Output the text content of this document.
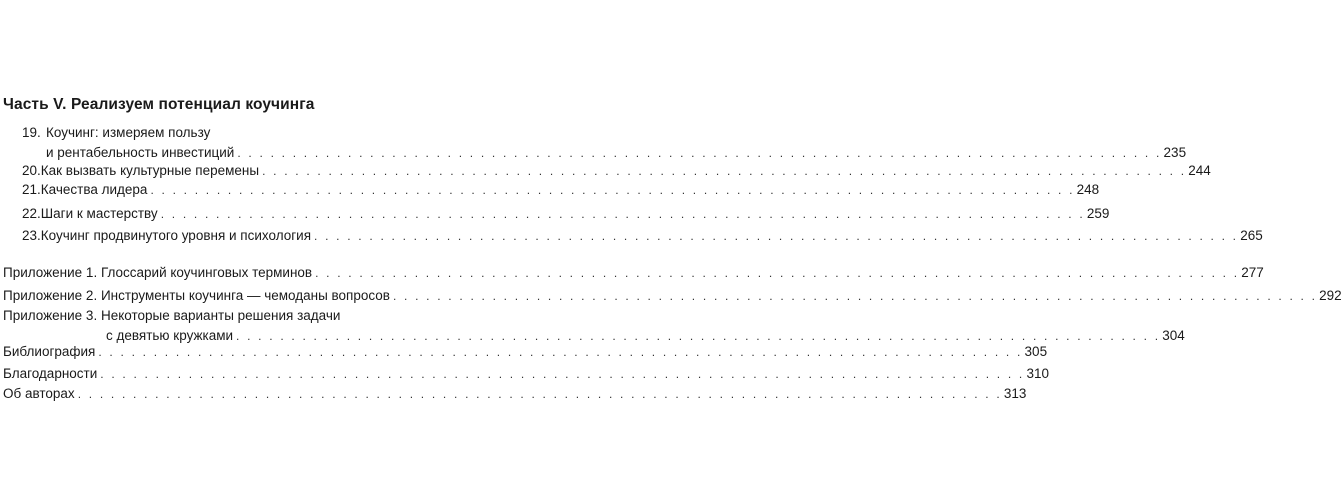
Часть V. Реализуем потенциал коучинга
19. Коучинг: измеряем пользу
и рентабельность инвестиций . . . . . . . . . . . . . . . . . . . . . . . . . . . . . . . . . . . . . . . . . . . . . . . . . . . . . . . . . . . . . . . . . . . . . . . . . . . . . . . . . . . . 235
20. Как вызвать культурные перемены . . . . . . . . . . . . . . . . . . . . . . . . . . . . . . . . . . . . . . . . . . . . . . . . . . . . . . . . . . . . . . . . . . . . . . . . . . . . . . . . . . . . 244
21. Качества лидера . . . . . . . . . . . . . . . . . . . . . . . . . . . . . . . . . . . . . . . . . . . . . . . . . . . . . . . . . . . . . . . . . . . . . . . . . . . . . . . . . . . . 248
22. Шаги к мастерству . . . . . . . . . . . . . . . . . . . . . . . . . . . . . . . . . . . . . . . . . . . . . . . . . . . . . . . . . . . . . . . . . . . . . . . . . . . . . . . . . . . . 259
23. Коучинг продвинутого уровня и психология . . . . . . . . . . . . . . . . . . . . . . . . . . . . . . . . . . . . . . . . . . . . . . . . . . . . . . . . . . . . . . . . . . . . . . . . . . . . . . . . . . . . 265
Приложение 1. Глоссарий коучинговых терминов . . . . . . . . . . . . . . . . . . . . . . . . . . . . . . . . . . . . . . . . . . . . . . . . . . . . . . . . . . . . . . . . . . . . . . . . . . . . . . . . . . . . 277
Приложение 2. Инструменты коучинга — чемоданы вопросов . . . . . . . . . . . . . . . . . . . . . . . . . . . . . . . . . . . . . . . . . . . . . . . . . . . . . . . . . . . . . . . . . . . . . . . . . . . . . . . . . . . . 292
Приложение 3. Некоторые варианты решения задачи
с девятью кружками . . . . . . . . . . . . . . . . . . . . . . . . . . . . . . . . . . . . . . . . . . . . . . . . . . . . . . . . . . . . . . . . . . . . . . . . . . . . . . . . . . . . 304
Библиография . . . . . . . . . . . . . . . . . . . . . . . . . . . . . . . . . . . . . . . . . . . . . . . . . . . . . . . . . . . . . . . . . . . . . . . . . . . . . . . . . . . . 305
Благодарности . . . . . . . . . . . . . . . . . . . . . . . . . . . . . . . . . . . . . . . . . . . . . . . . . . . . . . . . . . . . . . . . . . . . . . . . . . . . . . . . . . . . 310
Об авторах . . . . . . . . . . . . . . . . . . . . . . . . . . . . . . . . . . . . . . . . . . . . . . . . . . . . . . . . . . . . . . . . . . . . . . . . . . . . . . . . . . . . 313
